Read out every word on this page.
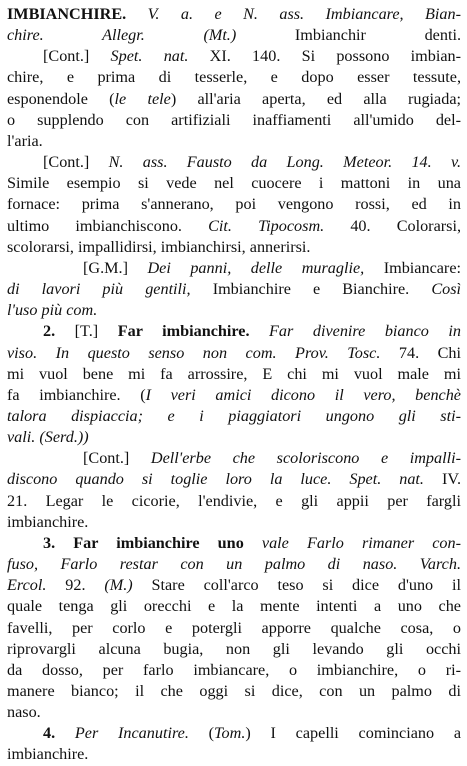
IMBIANCHIRE. V. a. e N. ass. Imbiancare, Bian-
chire. Allegr. (Mt.) Imbianchir denti.
[Cont.] Spet. nat. XI. 140. Si possono imbian-
chire, e prima di tesserle, e dopo esser tessute,
esponendole (le tele) all'aria aperta, ed alla rugiada;
o supplendo con artifiziali inaffiamenti all'umido del-
l'aria.
[Cont.] N. ass. Fausto da Long. Meteor. 14. v.
Simile esempio si vede nel cuocere i mattoni in una
fornace: prima s'annerano, poi vengono rossi, ed in
ultimo imbianchiscono. Cit. Tipocosm. 40. Colorarsi,
scolorarsi, impallidirsi, imbianchirsi, annerirsi.
[G.M.] Dei panni, delle muraglie, Imbiancare:
di lavori più gentili, Imbianchire e Bianchire. Così
l'uso più com.
2. [T.] Far imbianchire. Far divenire bianco in
viso. In questo senso non com. Prov. Tosc. 74. Chi
mi vuol bene mi fa arrossire, E chi mi vuol male mi
fa imbianchire. (I veri amici dicono il vero, benchè
talora dispiaccia; e i piaggiatori ungono gli sti-
vali. (Serd.))
[Cont.] Dell'erbe che scoloriscono e impalli-
discono quando si toglie loro la luce. Spet. nat. IV.
21. Legar le cicorie, l'endivie, e gli appii per fargli
imbianchire.
3. Far imbianchire uno vale Farlo rimaner con-
fuso, Farlo restar con un palmo di naso. Varch.
Ercol. 92. (M.) Stare coll'arco teso si dice d'uno il
quale tenga gli orecchi e la mente intenti a uno che
favelli, per corlo e potergli apporre qualche cosa, o
riprovargli alcuna bugia, non gli levando gli occhi
da dosso, per farlo imbiancare, o imbianchire, o ri-
manere bianco; il che oggi si dice, con un palmo di
naso.
4. Per Incanutire. (Tom.) I capelli cominciano a
imbianchire.
